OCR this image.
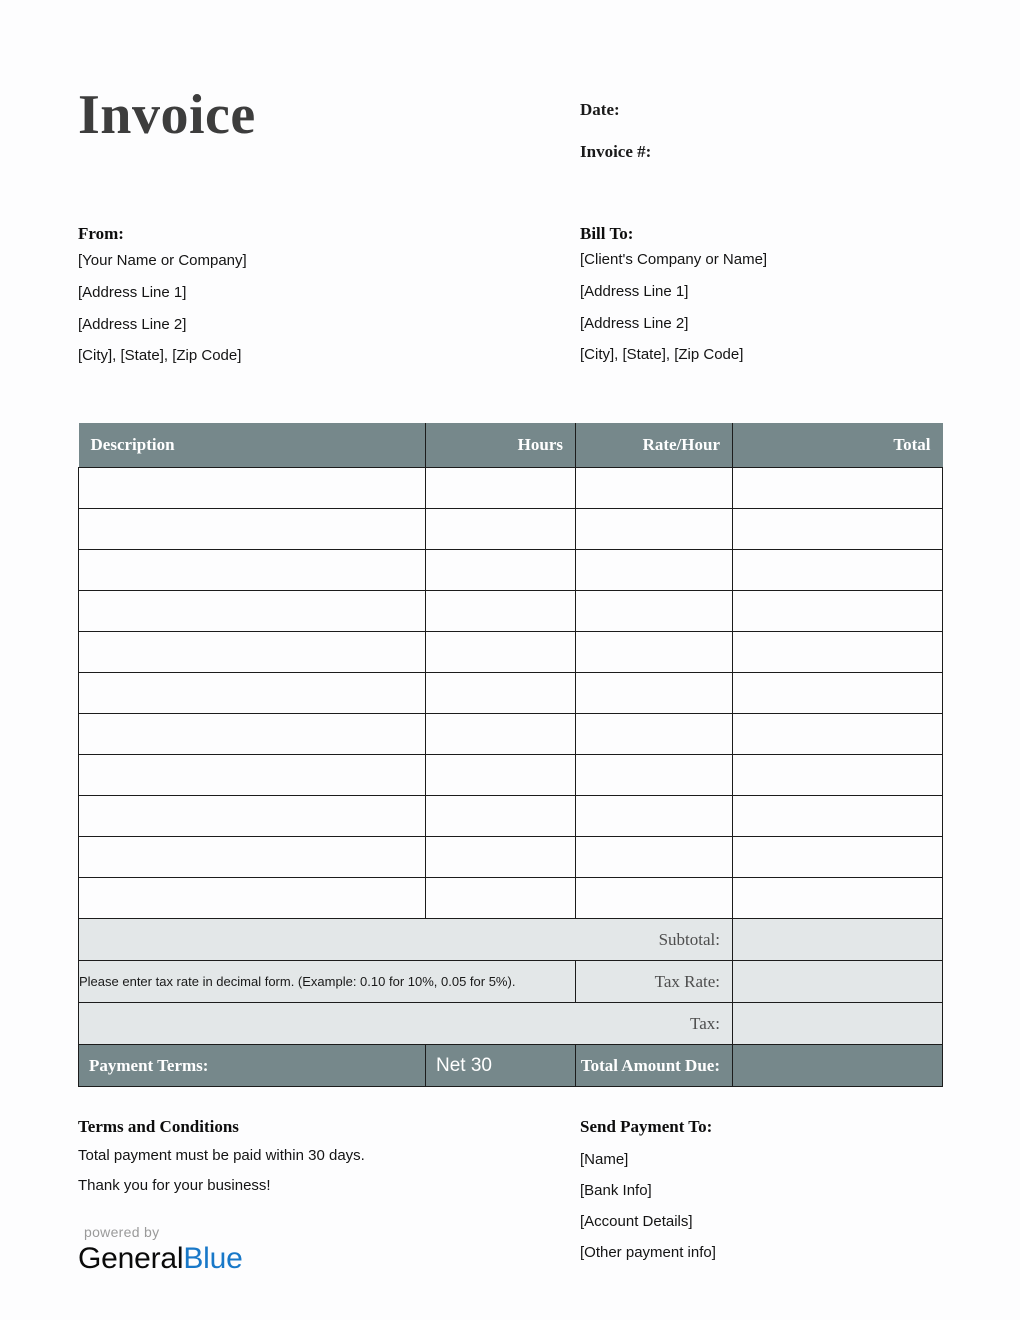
Invoice	Date:

Invoice #:

From:

[Your Name or Company]

[Address Line 1]

[Address Line 2]

[City], [State], [Zip Code]

Bill To:

[Client's Company or Name]

[Address Line 1]

[Address Line 2]

[City], [State], [Zip Code]

Description	Hours	Rate/Hour	Total

Subtotal:			
Please enter tax rate in decimal form. (Example: 0.10 for 10%, 0.05 for 5%).		Tax Rate:	
Tax:			
Payment Terms:	Net 30	Total Amount Due:	

Terms and Conditions

Total payment must be paid within 30 days.

Thank you for your business!

powered by

GeneralBlue

Send Payment To:

[Name]

[Bank Info]

[Account Details]

[Other payment info]
